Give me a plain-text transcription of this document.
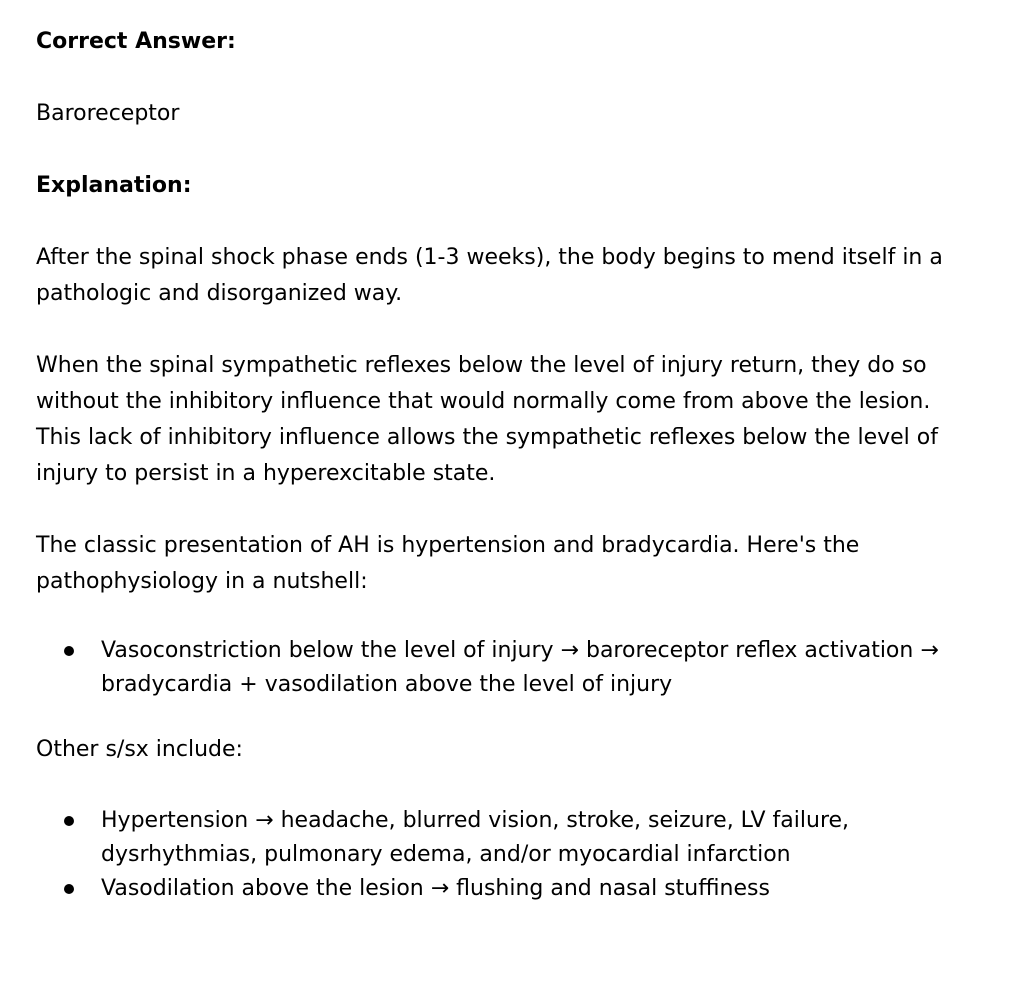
Correct Answer:

Baroreceptor

Explanation:

After the spinal shock phase ends (1-3 weeks), the body begins to mend itself in a pathologic and disorganized way.

When the spinal sympathetic reflexes below the level of injury return, they do so without the inhibitory influence that would normally come from above the lesion. This lack of inhibitory influence allows the sympathetic reflexes below the level of injury to persist in a hyperexcitable state.

The classic presentation of AH is hypertension and bradycardia. Here's the pathophysiology in a nutshell:

Vasoconstriction below the level of injury → baroreceptor reflex activation → bradycardia + vasodilation above the level of injury

Other s/sx include:

Hypertension → headache, blurred vision, stroke, seizure, LV failure, dysrhythmias, pulmonary edema, and/or myocardial infarction
Vasodilation above the lesion → flushing and nasal stuffiness
